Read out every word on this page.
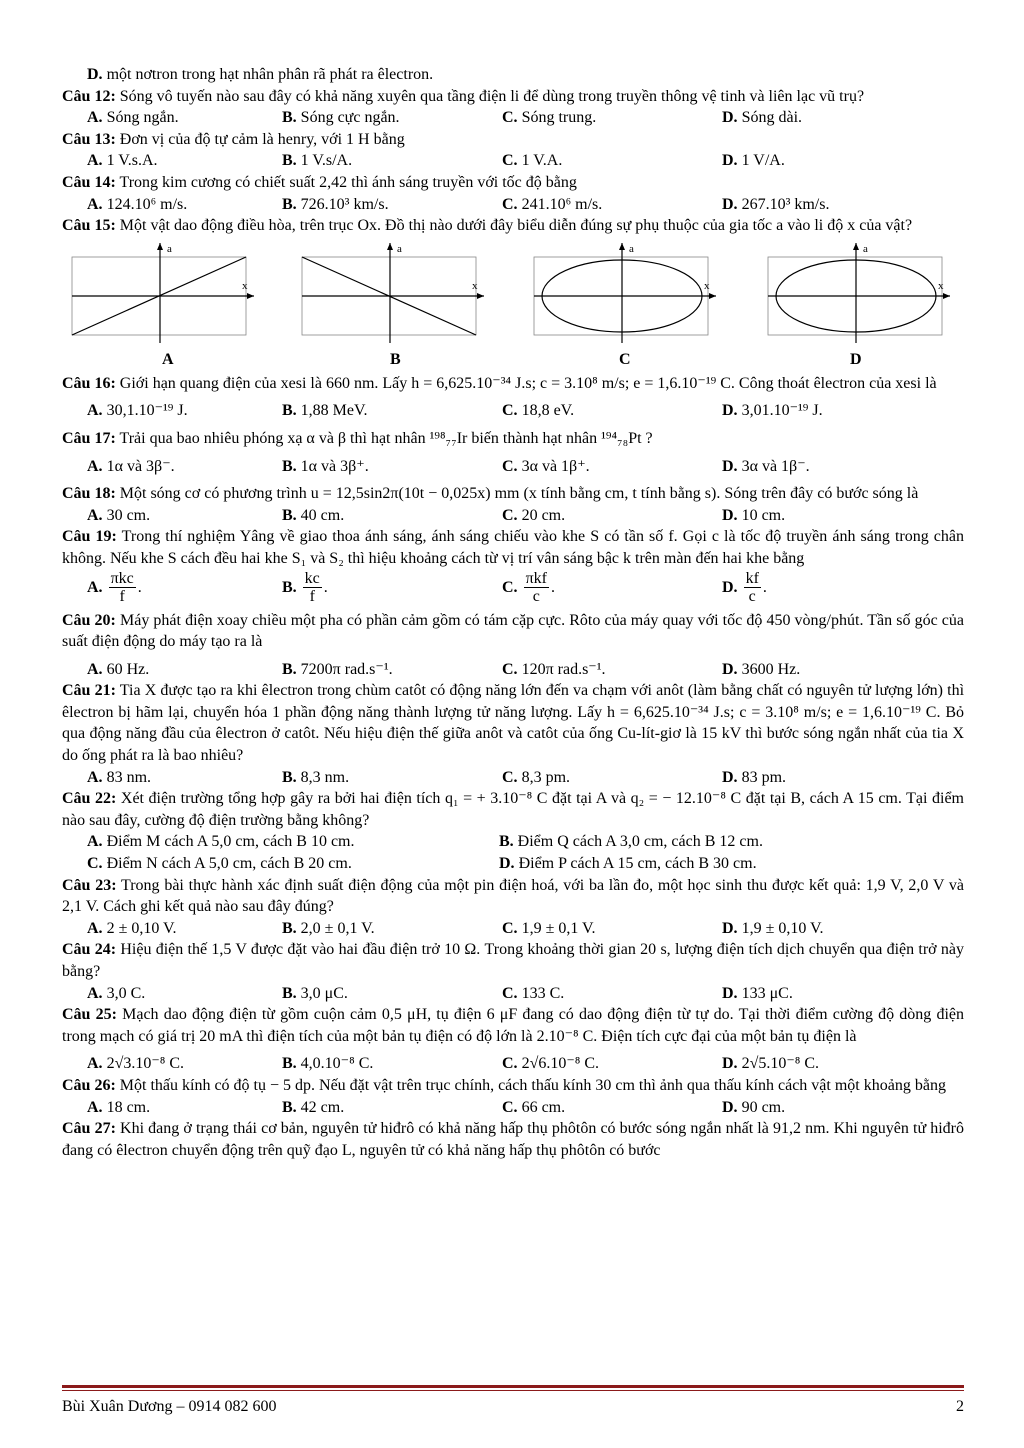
D. một nơtron trong hạt nhân phân rã phát ra êlectron.
Câu 12: Sóng vô tuyến nào sau đây có khả năng xuyên qua tầng điện li để dùng trong truyền thông vệ tinh và liên lạc vũ trụ?
A. Sóng ngắn.	B. Sóng cực ngắn.	C. Sóng trung.	D. Sóng dài.
Câu 13: Đơn vị của độ tự cảm là henry, với 1 H bằng
A. 1 V.s.A.	B. 1 V.s/A.	C. 1 V.A.	D. 1 V/A.
Câu 14: Trong kim cương có chiết suất 2,42 thì ánh sáng truyền với tốc độ bằng
A. 124.10⁶ m/s.	B. 726.10³ km/s.	C. 241.10⁶ m/s.	D. 267.10³ km/s.
Câu 15: Một vật dao động điều hòa, trên trục Ox. Đồ thị nào dưới đây biểu diễn đúng sự phụ thuộc của gia tốc a vào li độ x của vật?
a
x
A
a
x
B
a
x
C
a
x
D
Câu 16: Giới hạn quang điện của xesi là 660 nm. Lấy h = 6,625.10⁻³⁴ J.s; c = 3.10⁸ m/s; e = 1,6.10⁻¹⁹ C. Công thoát êlectron của xesi là
A. 30,1.10⁻¹⁹ J.	B. 1,88 MeV.	C. 18,8 eV.	D. 3,01.10⁻¹⁹ J.
Câu 17: Trải qua bao nhiêu phóng xạ α và β thì hạt nhân ¹⁹⁸₇₇Ir biến thành hạt nhân ¹⁹⁴₇₈Pt ?
A. 1α và 3β⁻.	B. 1α và 3β⁺.	C. 3α và 1β⁺.	D. 3α và 1β⁻.
Câu 18: Một sóng cơ có phương trình u = 12,5sin2π(10t − 0,025x) mm (x tính bằng cm, t tính bằng s). Sóng trên đây có bước sóng là
A. 30 cm.	B. 40 cm.	C. 20 cm.	D. 10 cm.
Câu 19: Trong thí nghiệm Yâng về giao thoa ánh sáng, ánh sáng chiếu vào khe S có tần số f. Gọi c là tốc độ truyền ánh sáng trong chân không. Nếu khe S cách đều hai khe S₁ và S₂ thì hiệu khoảng cách từ vị trí vân sáng bậc k trên màn đến hai khe bằng
A. $\frac{\text{πkc}}{f}$ .	B. $\frac{kc}{f}$ .	C. $\frac{\text{πkf}}{c}$ .	D. $\frac{kf}{c}$ .
Câu 20: Máy phát điện xoay chiều một pha có phần cảm gồm có tám cặp cực. Rôto của máy quay với tốc độ 450 vòng/phút. Tần số góc của suất điện động do máy tạo ra là
A. 60 Hz.	B. 7200π rad.s⁻¹.	C. 120π rad.s⁻¹.	D. 3600 Hz.
Câu 21: Tia X được tạo ra khi êlectron trong chùm catôt có động năng lớn đến va chạm với anôt (làm bằng chất có nguyên tử lượng lớn) thì êlectron bị hãm lại, chuyển hóa 1 phần động năng thành lượng tử năng lượng. Lấy h = 6,625.10⁻³⁴ J.s; c = 3.10⁸ m/s; e = 1,6.10⁻¹⁹ C. Bỏ qua động năng đầu của êlectron ở catôt. Nếu hiệu điện thế giữa anôt và catôt của ống Cu-lít-giơ là 15 kV thì bước sóng ngắn nhất của tia X do ống phát ra là bao nhiêu?
A. 83 nm.	B. 8,3 nm.	C. 8,3 pm.	D. 83 pm.
Câu 22: Xét điện trường tổng hợp gây ra bởi hai điện tích q₁ = + 3.10⁻⁸ C đặt tại A và q₂ = − 12.10⁻⁸ C đặt tại B, cách A 15 cm. Tại điểm nào sau đây, cường độ điện trường bằng không?
A. Điểm M cách A 5,0 cm, cách B 10 cm.	B. Điểm Q cách A 3,0 cm, cách B 12 cm.
C. Điểm N cách A 5,0 cm, cách B 20 cm.	D. Điểm P cách A 15 cm, cách B 30 cm.
Câu 23: Trong bài thực hành xác định suất điện động của một pin điện hoá, với ba lần đo, một học sinh thu được kết quả: 1,9 V, 2,0 V và 2,1 V. Cách ghi kết quả nào sau đây đúng?
A. 2 ± 0,10 V.	B. 2,0 ± 0,1 V.	C. 1,9 ± 0,1 V.	D. 1,9 ± 0,10 V.
Câu 24: Hiệu điện thế 1,5 V được đặt vào hai đầu điện trở 10 Ω. Trong khoảng thời gian 20 s, lượng điện tích dịch chuyển qua điện trở này bằng?
A. 3,0 C.	B. 3,0 μC.	C. 133 C.	D. 133 μC.
Câu 25: Mạch dao động điện từ gồm cuộn cảm 0,5 μH, tụ điện 6 μF đang có dao động điện từ tự do. Tại thời điểm cường độ dòng điện trong mạch có giá trị 20 mA thì điện tích của một bản tụ điện có độ lớn là 2.10⁻⁸ C. Điện tích cực đại của một bản tụ điện là
A. 2√3.10⁻⁸ C.	B. 4,0.10⁻⁸ C.	C. 2√6.10⁻⁸ C.	D. 2√5.10⁻⁸ C.
Câu 26: Một thấu kính có độ tụ − 5 dp. Nếu đặt vật trên trục chính, cách thấu kính 30 cm thì ảnh qua thấu kính cách vật một khoảng bằng
A. 18 cm.	B. 42 cm.	C. 66 cm.	D. 90 cm.
Câu 27: Khi đang ở trạng thái cơ bản, nguyên tử hiđrô có khả năng hấp thụ phôtôn có bước sóng ngắn nhất là 91,2 nm. Khi nguyên tử hiđrô đang có êlectron chuyển động trên quỹ đạo L, nguyên tử có khả năng hấp thụ phôtôn có bước
Bùi Xuân Dương – 0914 082 600	2
